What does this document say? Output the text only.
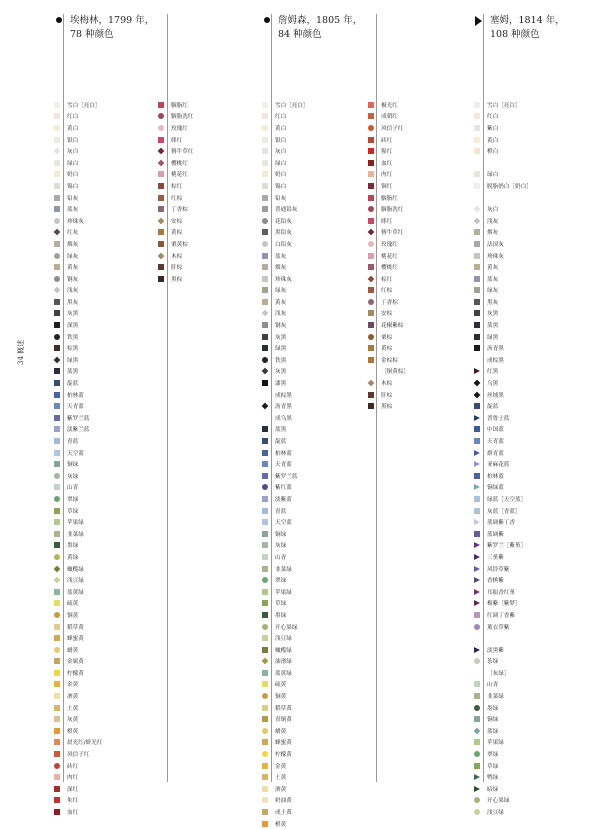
34 概述
埃梅林，1799 年，
78 种颜色
詹姆森，1805 年，
84 种颜色
塞姆，1814 年，
108 种颜色
雪白［亮白］
红白
黄白
银白
灰白
绿白
奶白
锡白
铅灰
蓝灰
珍珠灰
红灰
烟灰
绿灰
黄灰
钢灰
浅灰
黑灰
灰黑
深黑
铁黑
棕黑
绿黑
蓝黑
靛蓝
柏林蓝
天青蓝
紫罗兰蓝
淡紫兰蓝
青蓝
天空蓝
铜绿
灰绿
山青
翠绿
草绿
苹果绿
韭菜绿
墨绿
黄绿
橄榄绿
浅豆绿
蓝黄绿
硫黄
铜黄
稻草黄
蜂蜜黄
蜡黄
金属黄
柠檬黄
金黄
酒黄
土黄
灰黄
橙黄
晨光红/娇光红
风信子红
砖红
肉红
深红
朱红
血红
胭脂红
胭脂洗红
玫瑰红
绯红
簪牛草红
樱桃红
桃花红
棕红
红棕
丁香棕
安棕
黄棕
栗黄棕
木棕
肝棕
黑棕
雪白［亮白］
红白
黄白
银白
灰白
绿白
奶白
锡白
铅灰
普通铅灰
花铅灰
黑铅灰
白铅灰
蓝灰
烟灰
珍珠灰
绿灰
黄灰
浅灰
钢灰
灰黑
绿黑
铁黑
灰黑
漆黑
成棕黑
沥青黑
成乌黑
蓝黑
靛蓝
柏林蓝
天青蓝
紫罗兰蓝
紫红蓝
淡紫蓝
青蓝
天空蓝
铜绿
灰绿
山青
韭菜绿
翠绿
苹果绿
草绿
墨绿
开心果绿
浅豆绿
橄榄绿
油滑绿
蓝黄绿
硫黄
铜黄
稻草黄
青铜黄
蜡黄
蜂蜜黄
柠檬黄
金黄
土黄
酒黄
奶油黄
成土黄
橙黄
极光红
成朝红
风信子红
砖红
猩红
血红
肉红
铜红
胭脂红
胭脂洗红
绯红
簪牛草红
玫瑰红
桃花红
樱桃红
棕红
红棕
丁香棕
安棕
花椒紫棕
栗棕
黄棕
金棕棕
［铜黄棕］
木棕
肝棕
黑棕
雪白［亮白］
红白
紫白
黄白
橙白
绿白
脱脂奶白［奶白］
灰白
浅灰
烟灰
法国灰
珍珠灰
黄灰
蓝灰
绿灰
黑灰
灰黑
蓝黑
绿黑
沥青黑
成棕黑
红黑
乌黑
丝绒黑
靛蓝
普鲁士蓝
中国蓝
天青蓝
群青蓝
亚麻花蓝
柏林蓝
铜绿蓝
绿蓝［天空蓝］
灰蓝［青蓝］
蓝调紫丁香
蓝调紫
紫罗兰［紫堇］
三堇紫
风铃草紫
香槟紫
耳振香红堇
梅紫［紫梦］
红调丁香紫
薰衣草紫
淡黑紫
茶绿
［灰绿］
山青
韭菜绿
墨绿
铜绿
蓝绿
苹果绿
翠绿
草绿
鸭绿
暗绿
开心果绿
浅豆绿
